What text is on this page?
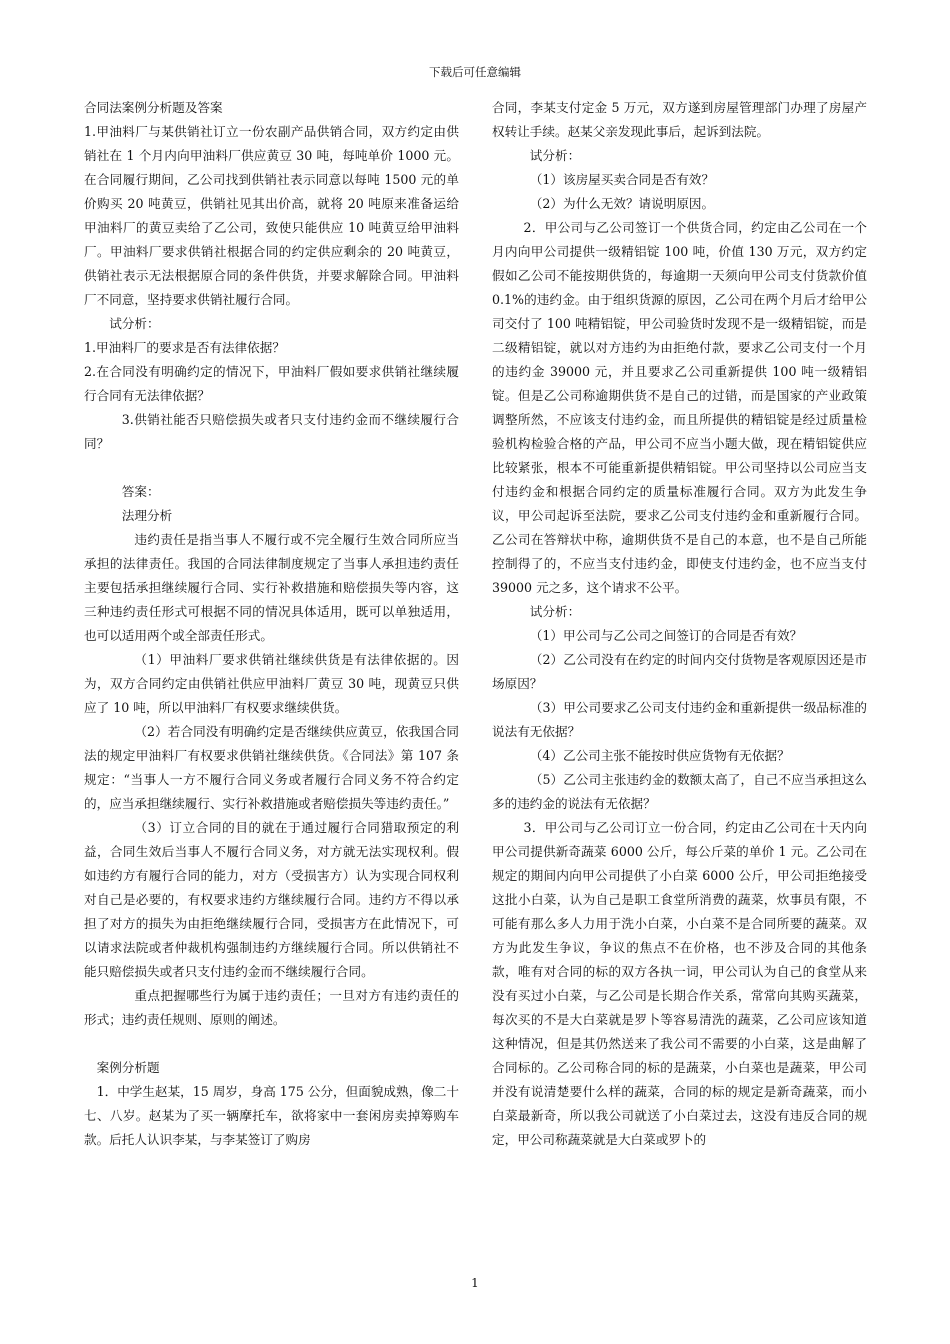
下载后可任意编辑

合同法案例分析题及答案

1.甲油料厂与某供销社订立一份农副产品供销合同，双方约定由供销社在 1 个月内向甲油料厂供应黄豆 30 吨，每吨单价 1000 元。在合同履行期间，乙公司找到供销社表示同意以每吨 1500 元的单价购买 20 吨黄豆，供销社见其出价高，就将 20 吨原来准备运给甲油料厂的黄豆卖给了乙公司，致使只能供应 10 吨黄豆给甲油料厂。甲油料厂要求供销社根据合同的约定供应剩余的 20 吨黄豆，供销社表示无法根据原合同的条件供货，并要求解除合同。甲油料厂不同意，坚持要求供销社履行合同。

试分析：

1.甲油料厂的要求是否有法律依据？

2.在合同没有明确约定的情况下，甲油料厂假如要求供销社继续履行合同有无法律依据？

3.供销社能否只赔偿损失或者只支付违约金而不继续履行合同？

答案：

法理分析

违约责任是指当事人不履行或不完全履行生效合同所应当承担的法律责任。我国的合同法律制度规定了当事人承担违约责任主要包括承担继续履行合同、实行补救措施和赔偿损失等内容，这三种违约责任形式可根据不同的情况具体适用，既可以单独适用，也可以适用两个或全部责任形式。

（1）甲油料厂要求供销社继续供货是有法律依据的。因为，双方合同约定由供销社供应甲油料厂黄豆 30 吨，现黄豆只供应了 10 吨，所以甲油料厂有权要求继续供货。

（2）若合同没有明确约定是否继续供应黄豆，依我国合同法的规定甲油料厂有权要求供销社继续供货。《合同法》第 107 条规定：“当事人一方不履行合同义务或者履行合同义务不符合约定的，应当承担继续履行、实行补救措施或者赔偿损失等违约责任。”

（3）订立合同的目的就在于通过履行合同猎取预定的利益，合同生效后当事人不履行合同义务，对方就无法实现权利。假如违约方有履行合同的能力，对方（受损害方）认为实现合同权利对自己是必要的，有权要求违约方继续履行合同。违约方不得以承担了对方的损失为由拒绝继续履行合同，受损害方在此情况下，可以请求法院或者仲裁机构强制违约方继续履行合同。所以供销社不能只赔偿损失或者只支付违约金而不继续履行合同。

重点把握哪些行为属于违约责任；一旦对方有违约责任的形式；违约责任规则、原则的阐述。

案例分析题

1．中学生赵某，15 周岁，身高 175 公分，但面貌成熟，像二十七、八岁。赵某为了买一辆摩托车，欲将家中一套闲房卖掉筹购车款。后托人认识李某，与李某签订了购房

合同，李某支付定金 5 万元，双方遂到房屋管理部门办理了房屋产权转让手续。赵某父亲发现此事后，起诉到法院。

试分析：

（1）该房屋买卖合同是否有效？

（2）为什么无效？请说明原因。

2．甲公司与乙公司签订一个供货合同，约定由乙公司在一个月内向甲公司提供一级精铝锭 100 吨，价值 130 万元，双方约定假如乙公司不能按期供货的，每逾期一天须向甲公司支付货款价值 0.1%的违约金。由于组织货源的原因，乙公司在两个月后才给甲公司交付了 100 吨精铝锭，甲公司验货时发现不是一级精铝锭，而是二级精铝锭，就以对方违约为由拒绝付款，要求乙公司支付一个月的违约金 39000 元，并且要求乙公司重新提供 100 吨一级精铝锭。但是乙公司称逾期供货不是自己的过错，而是国家的产业政策调整所然，不应该支付违约金，而且所提供的精铝锭是经过质量检验机构检验合格的产品，甲公司不应当小题大做，现在精铝锭供应比较紧张，根本不可能重新提供精铝锭。甲公司坚持以公司应当支付违约金和根据合同约定的质量标准履行合同。双方为此发生争议，甲公司起诉至法院，要求乙公司支付违约金和重新履行合同。乙公司在答辩状中称，逾期供货不是自己的本意，也不是自己所能控制得了的，不应当支付违约金，即使支付违约金，也不应当支付 39000 元之多，这个请求不公平。

试分析：

（1）甲公司与乙公司之间签订的合同是否有效？

（2）乙公司没有在约定的时间内交付货物是客观原因还是市场原因？

（3）甲公司要求乙公司支付违约金和重新提供一级品标准的说法有无依据？

（4）乙公司主张不能按时供应货物有无依据？

（5）乙公司主张违约金的数额太高了，自己不应当承担这么多的违约金的说法有无依据？

3．甲公司与乙公司订立一份合同，约定由乙公司在十天内向甲公司提供新奇蔬菜 6000 公斤，每公斤菜的单价 1 元。乙公司在规定的期间内向甲公司提供了小白菜 6000 公斤，甲公司拒绝接受这批小白菜，认为自己是职工食堂所消费的蔬菜，炊事员有限，不可能有那么多人力用于洗小白菜，小白菜不是合同所要的蔬菜。双方为此发生争议，争议的焦点不在价格，也不涉及合同的其他条款，唯有对合同的标的双方各执一词，甲公司认为自己的食堂从来没有买过小白菜，与乙公司是长期合作关系，常常向其购买蔬菜，每次买的不是大白菜就是罗卜等容易清洗的蔬菜，乙公司应该知道这种情况，但是其仍然送来了我公司不需要的小白菜，这是曲解了合同标的。乙公司称合同的标的是蔬菜，小白菜也是蔬菜，甲公司并没有说清楚要什么样的蔬菜，合同的标的规定是新奇蔬菜，而小白菜最新奇，所以我公司就送了小白菜过去，这没有违反合同的规定，甲公司称蔬菜就是大白菜或罗卜的

1
